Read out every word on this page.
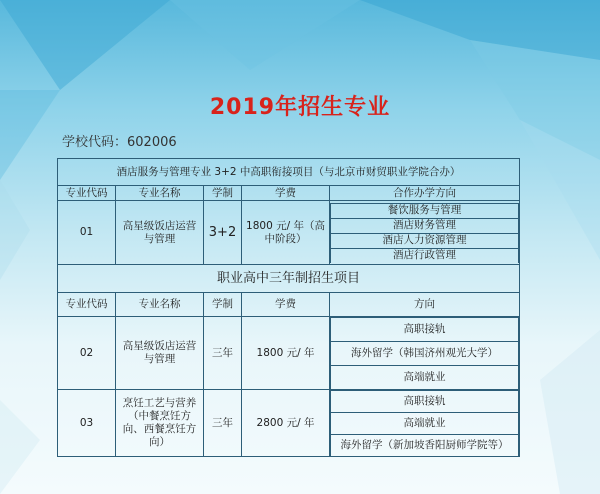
2019年招生专业
学校代码：602006
酒店服务与管理专业 3+2 中高职衔接项目（与北京市财贸职业学院合办）
专业代码	专业名称	学制	学费	合作办学方向
01	高星级饭店运营与管理	3+2	1800 元/ 年（高中阶段）	
餐饮服务与管理
酒店财务管理
酒店人力资源管理
酒店行政管理

职业高中三年制招生项目
专业代码	专业名称	学制	学费	方向
02	高星级饭店运营与管理	三年	1800 元/ 年	
高职接轨
海外留学（韩国济州观光大学）
高端就业

03	烹饪工艺与营养（中餐烹饪方向、西餐烹饪方向）	三年	2800 元/ 年	
高职接轨
高端就业
海外留学（新加坡香阳厨师学院等）
